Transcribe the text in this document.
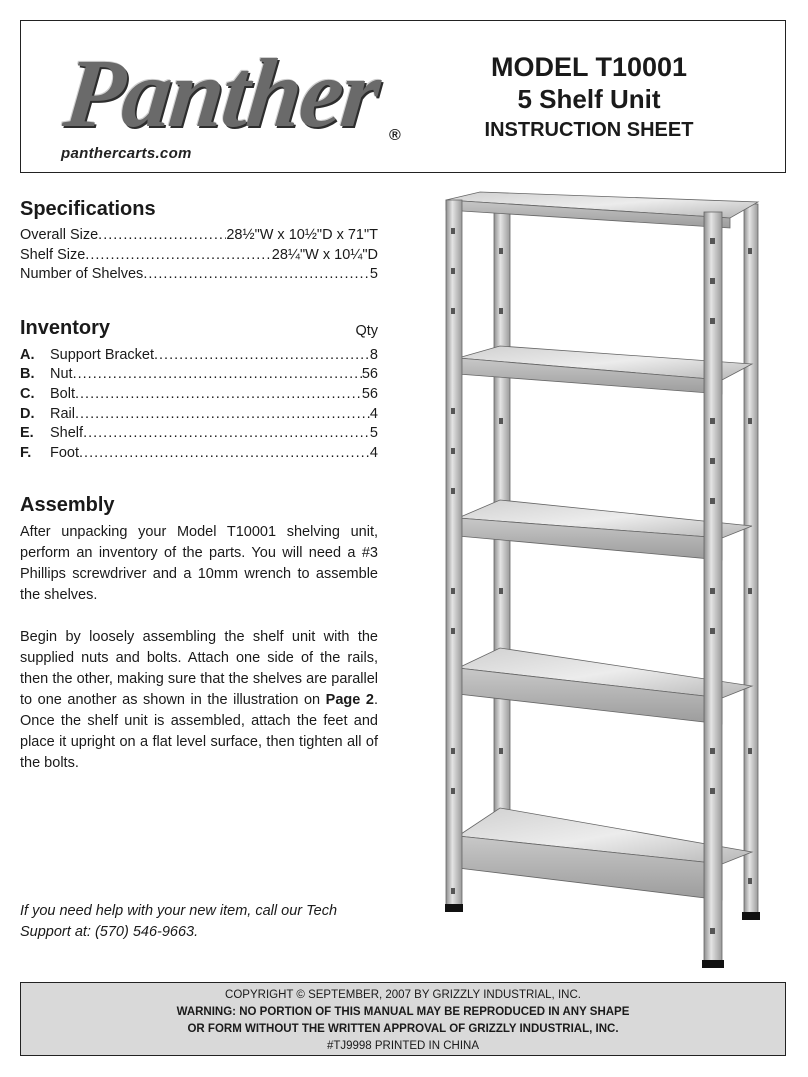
Panther ®
panthercarts.com
MODEL T10001
5 Shelf Unit
INSTRUCTION SHEET
Specifications
Overall Size .....	28½"W x 10½"D x 71"T
Shelf Size .....	28¼"W x 10¼"D
Number of Shelves .....	5
Inventory	Qty
A.	Support Bracket .....	8
B.	Nut .....	56
C.	Bolt .....	56
D.	Rail .....	4
E.	Shelf .....	5
F.	Foot .....	4
Assembly

After unpacking your Model T10001 shelving unit, perform an inventory of the parts. You will need a #3 Phillips screwdriver and a 10mm wrench to assemble the shelves.

Begin by loosely assembling the shelf unit with the supplied nuts and bolts. Attach one side of the rails, then the other, making sure that the shelves are parallel to one another as shown in the illustration on Page 2. Once the shelf unit is assembled, attach the feet and place it upright on a flat level surface, then tighten all of the bolts.

If you need help with your new item, call our Tech Support at: (570) 546-9663.
COPYRIGHT © SEPTEMBER, 2007 BY GRIZZLY INDUSTRIAL, INC.
WARNING: NO PORTION OF THIS MANUAL MAY BE REPRODUCED IN ANY SHAPE
OR FORM WITHOUT THE WRITTEN APPROVAL OF GRIZZLY INDUSTRIAL, INC.
#TJ9998 PRINTED IN CHINA
